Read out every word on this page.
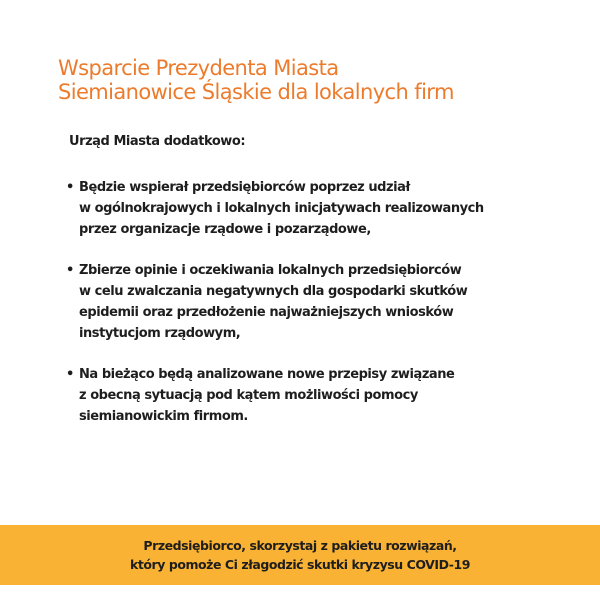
Wsparcie Prezydenta Miasta
Siemianowice Śląskie dla lokalnych firm

Urząd Miasta dodatkowo:

• Będzie wspierał przedsiębiorców poprzez udział
w ogólnokrajowych i lokalnych inicjatywach realizowanych
przez organizacje rządowe i pozarządowe,
• Zbierze opinie i oczekiwania lokalnych przedsiębiorców
w celu zwalczania negatywnych dla gospodarki skutków
epidemii oraz przedłożenie najważniejszych wniosków
instytucjom rządowym,
• Na bieżąco będą analizowane nowe przepisy związane
z obecną sytuacją pod kątem możliwości pomocy
siemianowickim firmom.
Przedsiębiorco, skorzystaj z pakietu rozwiązań,
który pomoże Ci złagodzić skutki kryzysu COVID-19
